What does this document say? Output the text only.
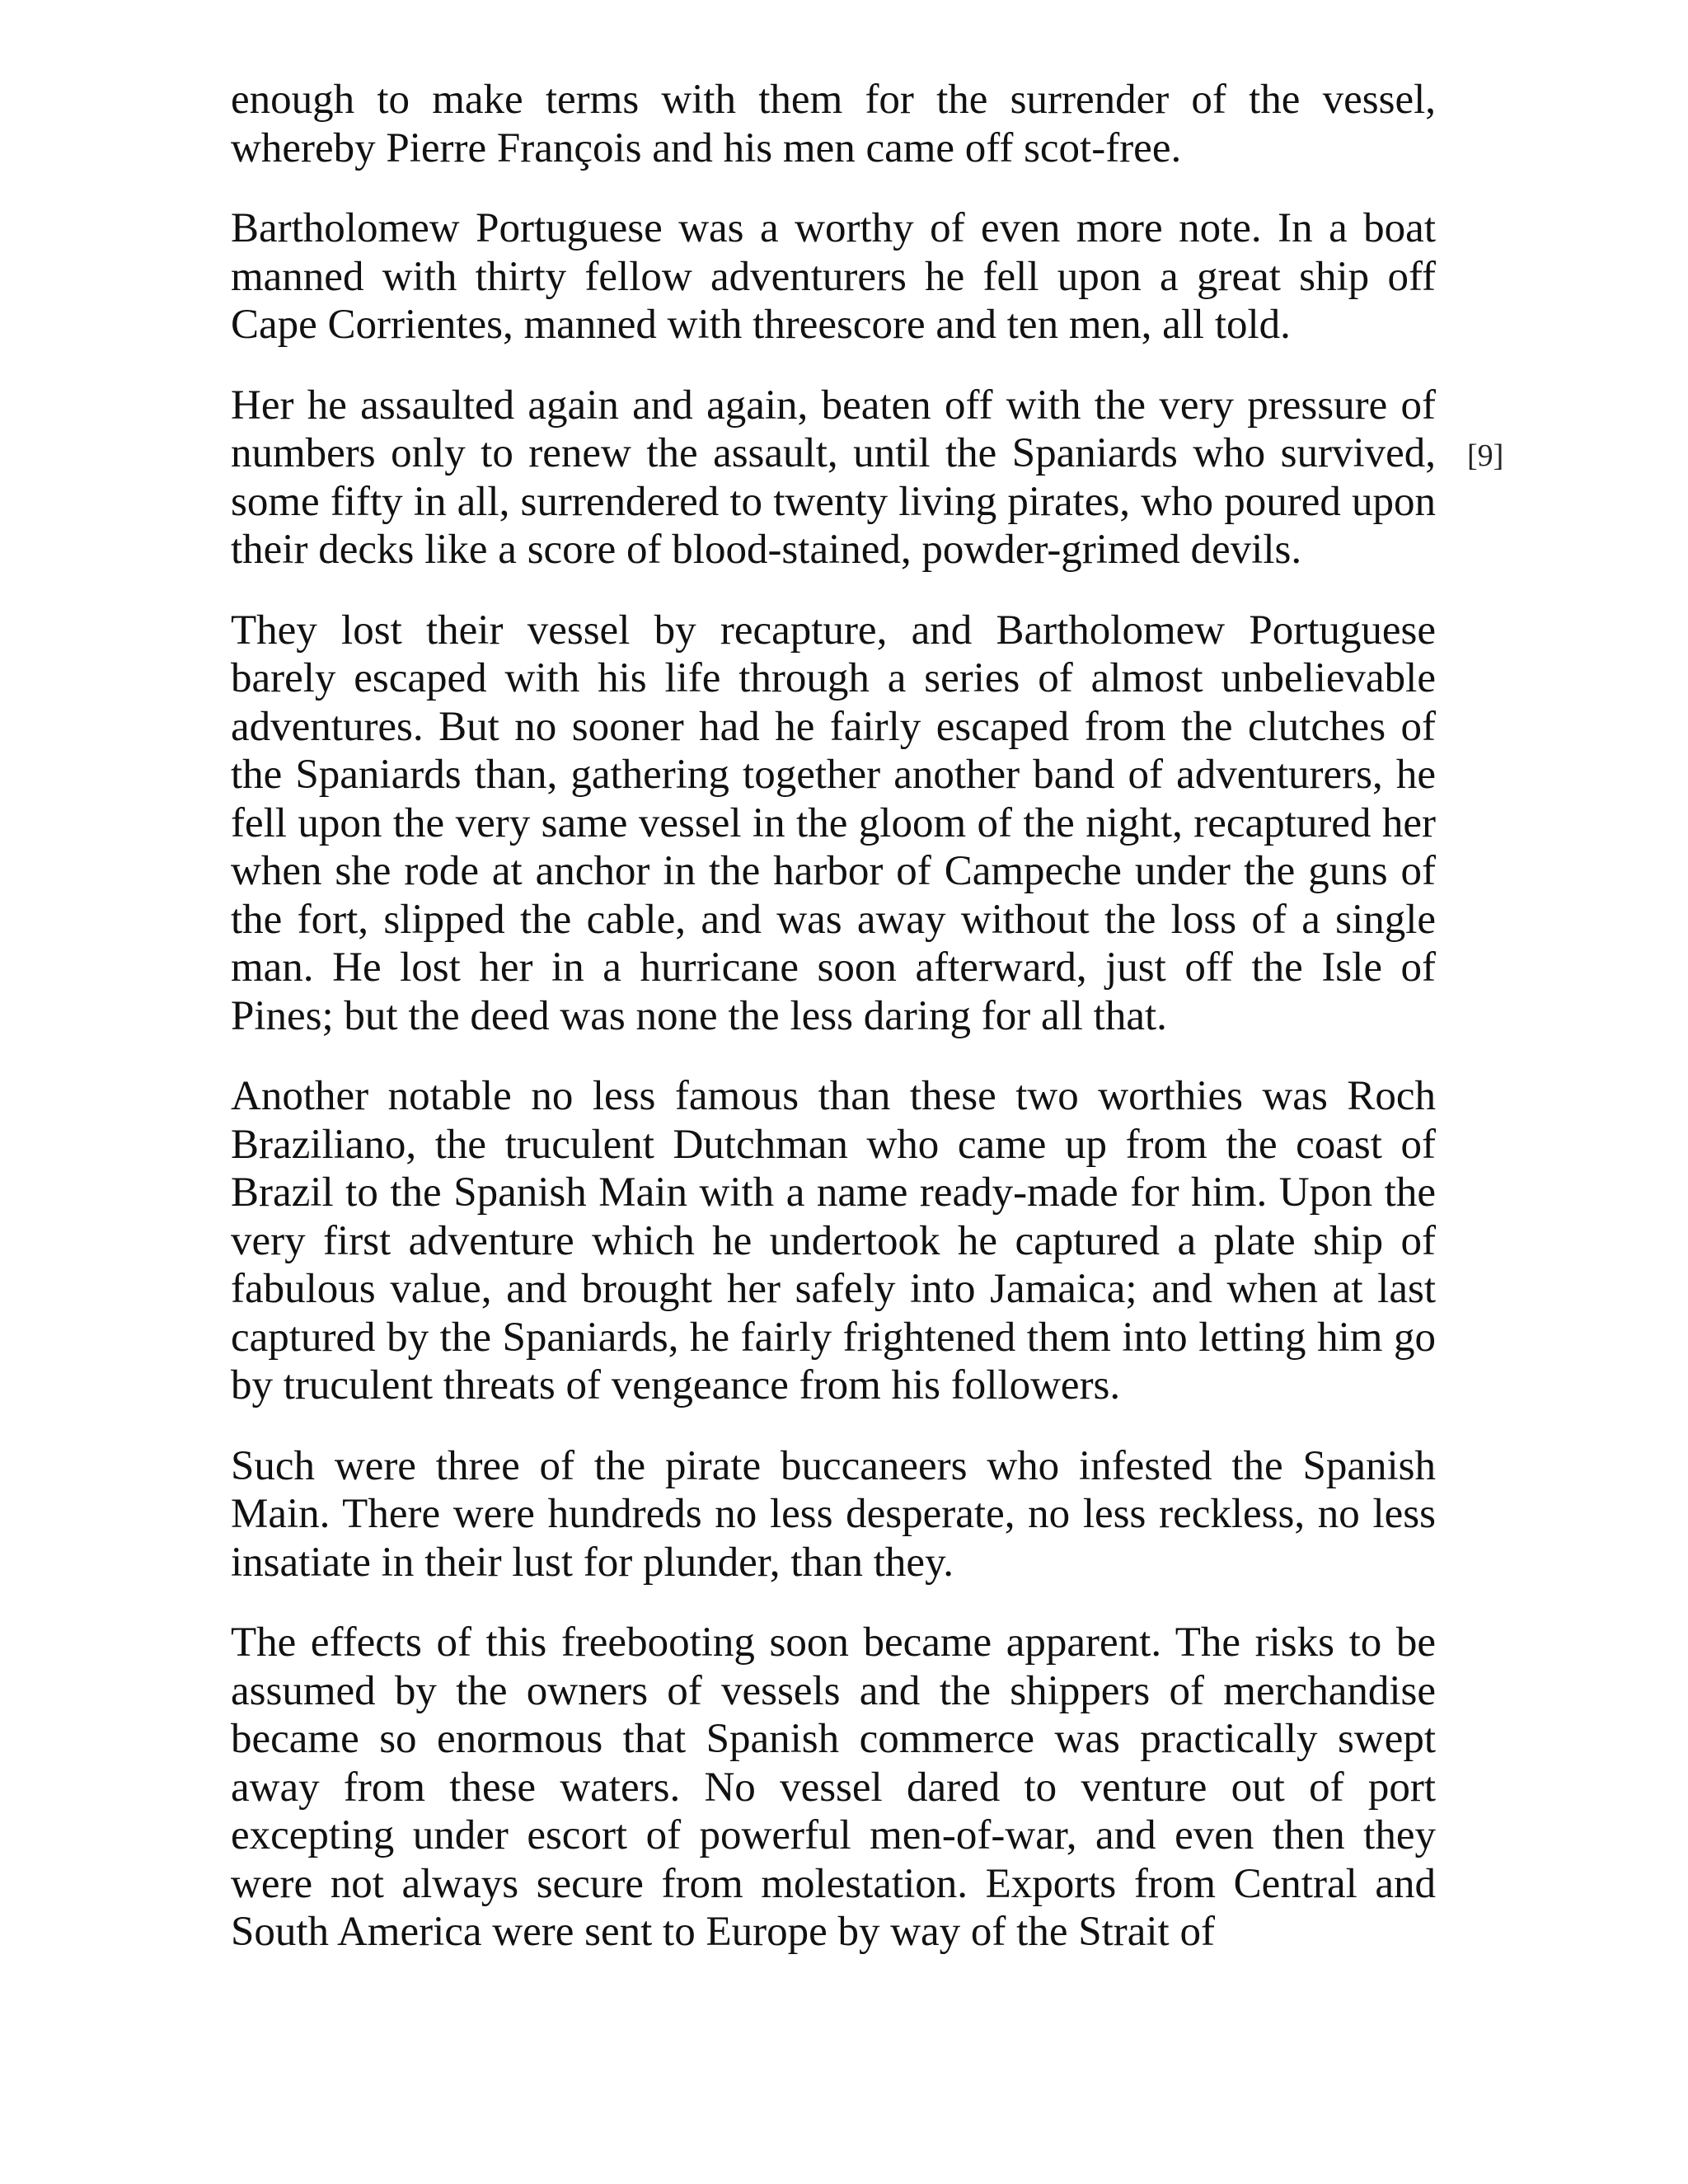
enough to make terms with them for the surrender of the vessel, whereby Pierre François and his men came off scot-free.

Bartholomew Portuguese was a worthy of even more note. In a boat manned with thirty fellow adventurers he fell upon a great ship off Cape Corrientes, manned with threescore and ten men, all told.

Her he assaulted again and again, beaten off with the very pressure of numbers only to renew the assault, until the Spaniards who survived, some fifty in all, surrendered to twenty living pirates, who poured upon their decks like a score of blood-stained, powder-grimed devils.

They lost their vessel by recapture, and Bartholomew Portuguese barely escaped with his life through a series of almost unbelievable adventures. But no sooner had he fairly escaped from the clutches of the Spaniards than, gathering together another band of adventurers, he fell upon the very same vessel in the gloom of the night, recaptured her when she rode at anchor in the harbor of Campeche under the guns of the fort, slipped the cable, and was away without the loss of a single man. He lost her in a hurricane soon afterward, just off the Isle of Pines; but the deed was none the less daring for all that.

Another notable no less famous than these two worthies was Roch Braziliano, the truculent Dutchman who came up from the coast of Brazil to the Spanish Main with a name ready-made for him. Upon the very first adventure which he undertook he captured a plate ship of fabulous value, and brought her safely into Jamaica; and when at last captured by the Spaniards, he fairly frightened them into letting him go by truculent threats of vengeance from his followers.

Such were three of the pirate buccaneers who infested the Spanish Main. There were hundreds no less desperate, no less reckless, no less insatiate in their lust for plunder, than they.

The effects of this freebooting soon became apparent. The risks to be assumed by the owners of vessels and the shippers of merchandise became so enormous that Spanish commerce was practically swept away from these waters. No vessel dared to venture out of port excepting under escort of powerful men-of-war, and even then they were not always secure from molestation. Exports from Central and South America were sent to Europe by way of the Strait of

[9]
